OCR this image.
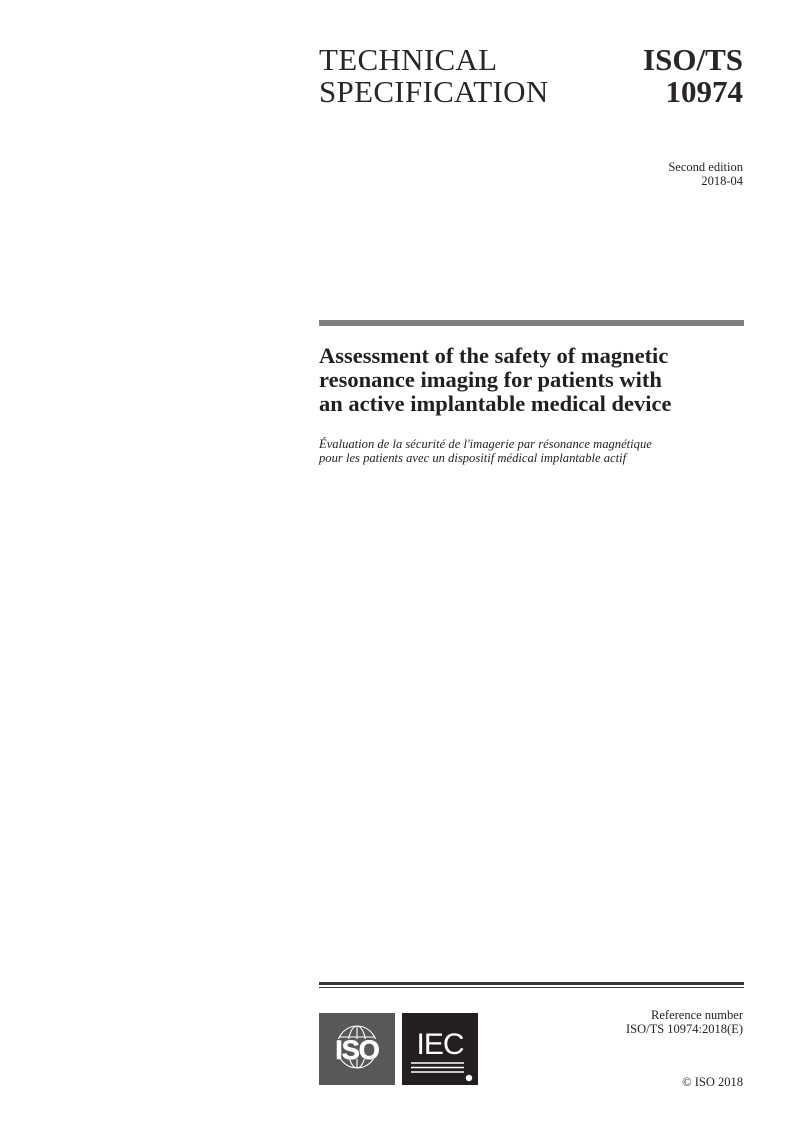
TECHNICAL
SPECIFICATION
ISO/TS
10974
Second edition
2018-04
Assessment of the safety of magnetic
resonance imaging for patients with
an active implantable medical device

Évaluation de la sécurité de l'imagerie par résonance magnétique
pour les patients avec un dispositif médical implantable actif

ISO IEC
Reference number
ISO/TS 10974:2018(E)
© ISO 2018
